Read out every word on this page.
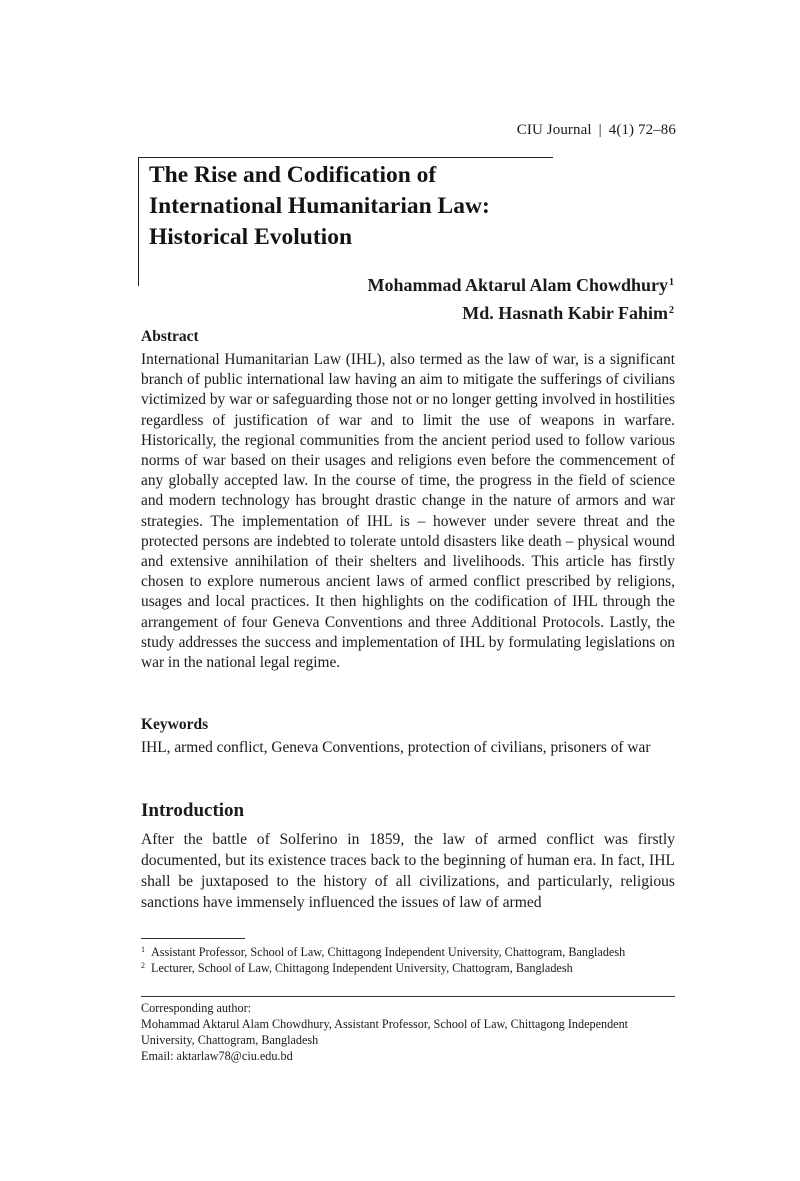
CIU Journal | 4(1) 72–86
The Rise and Codification of
International Humanitarian Law:
Historical Evolution
Mohammad Aktarul Alam Chowdhury$^1$
Md. Hasnath Kabir Fahim$^2$
Abstract

International Humanitarian Law (IHL), also termed as the law of war, is a significant branch of public international law having an aim to mitigate the sufferings of civilians victimized by war or safeguarding those not or no longer getting involved in hostilities regardless of justification of war and to limit the use of weapons in warfare. Historically, the regional communities from the ancient period used to follow various norms of war based on their usages and religions even before the commencement of any globally accepted law. In the course of time, the progress in the field of science and modern technology has brought drastic change in the nature of armors and war strategies. The implementation of IHL is – however under severe threat and the protected persons are indebted to tolerate untold disasters like death – physical wound and extensive annihilation of their shelters and livelihoods. This article has firstly chosen to explore numerous ancient laws of armed conflict prescribed by religions, usages and local practices. It then highlights on the codification of IHL through the arrangement of four Geneva Conventions and three Additional Protocols. Lastly, the study addresses the success and implementation of IHL by formulating legislations on war in the national legal regime.

Keywords

IHL, armed conflict, Geneva Conventions, protection of civilians, prisoners of war

Introduction

After the battle of Solferino in 1859, the law of armed conflict was firstly documented, but its existence traces back to the beginning of human era. In fact, IHL shall be juxtaposed to the history of all civilizations, and particularly, religious sanctions have immensely influenced the issues of law of armed

1 Assistant Professor, School of Law, Chittagong Independent University, Chattogram, Bangladesh
2 Lecturer, School of Law, Chittagong Independent University, Chattogram, Bangladesh
Corresponding author:
Mohammad Aktarul Alam Chowdhury, Assistant Professor, School of Law, Chittagong Independent University, Chattogram, Bangladesh
Email: aktarlaw78@ciu.edu.bd
